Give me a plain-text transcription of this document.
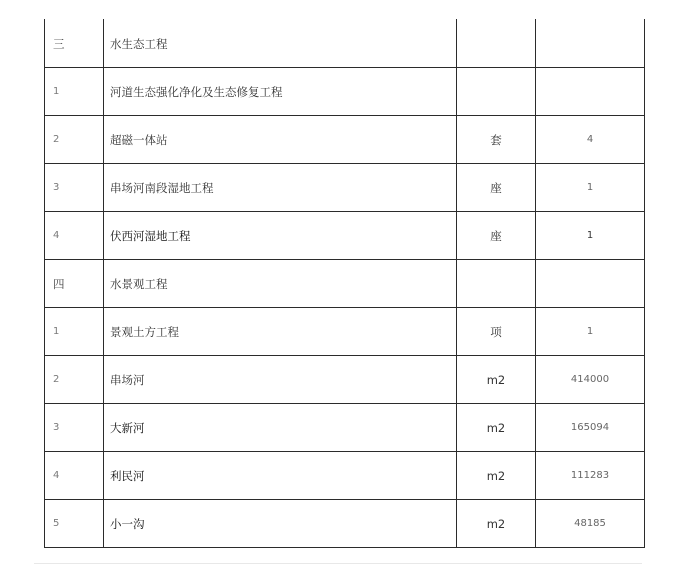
三	水生态工程		
1	河道生态强化净化及生态修复工程		
2	超磁一体站	套	4
3	串场河南段湿地工程	座	1
4	伏西河湿地工程	座	1
四	水景观工程		
1	景观土方工程	项	1
2	串场河	m2	414000
3	大新河	m2	165094
4	利民河	m2	111283
5	小一沟	m2	48185
